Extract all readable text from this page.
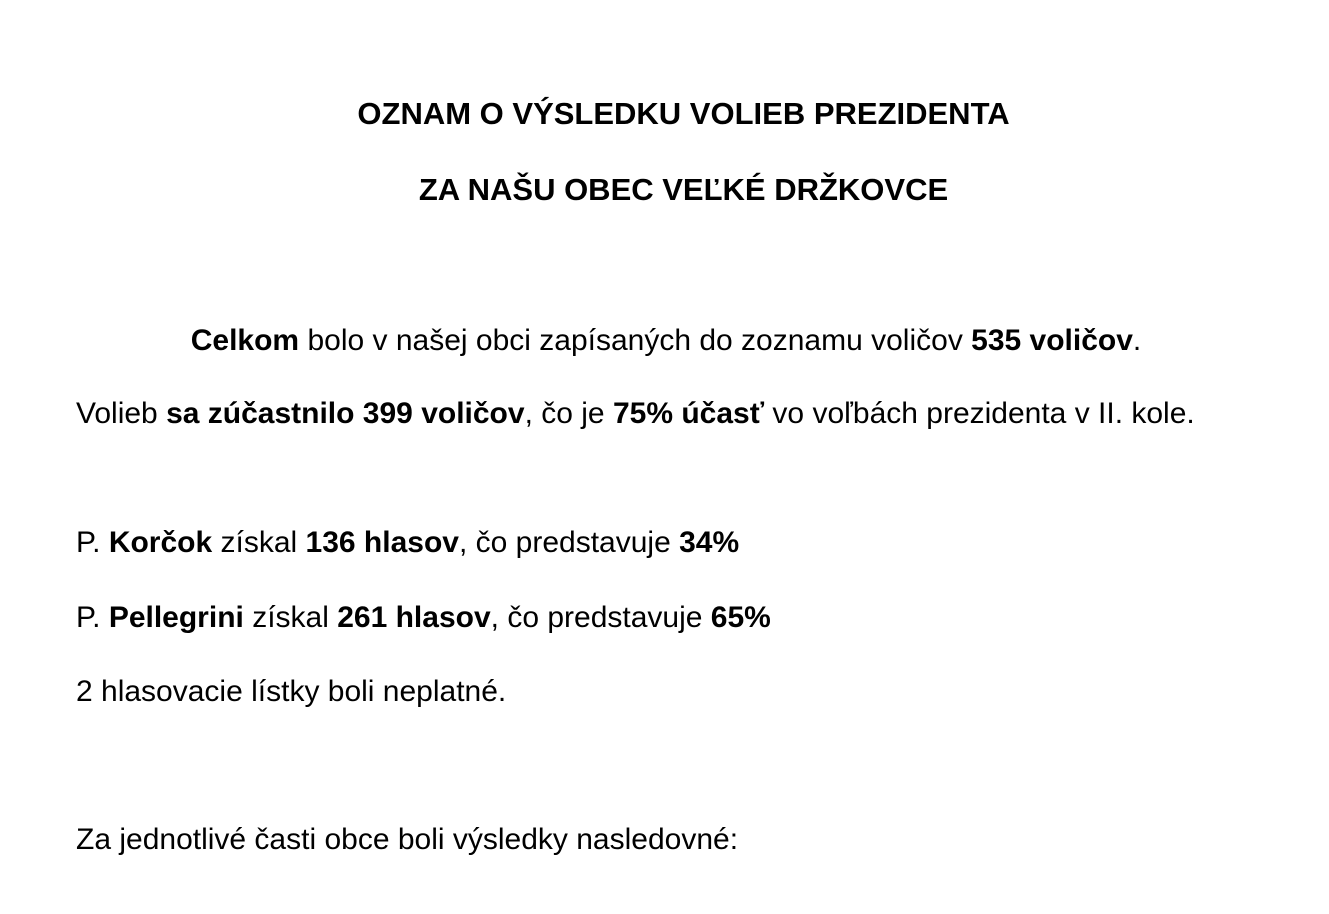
OZNAM O VÝSLEDKU VOLIEB PREZIDENTA
ZA NAŠU OBEC VEĽKÉ DRŽKOVCE

Celkom bolo v našej obci zapísaných do zoznamu voličov 535 voličov.

Volieb sa zúčastnilo 399 voličov, čo je 75% účasť vo voľbách prezidenta v II. kole.

P. Korčok získal 136 hlasov, čo predstavuje 34%

P. Pellegrini získal 261 hlasov, čo predstavuje 65%

2 hlasovacie lístky boli neplatné.

Za jednotlivé časti obce boli výsledky nasledovné:
